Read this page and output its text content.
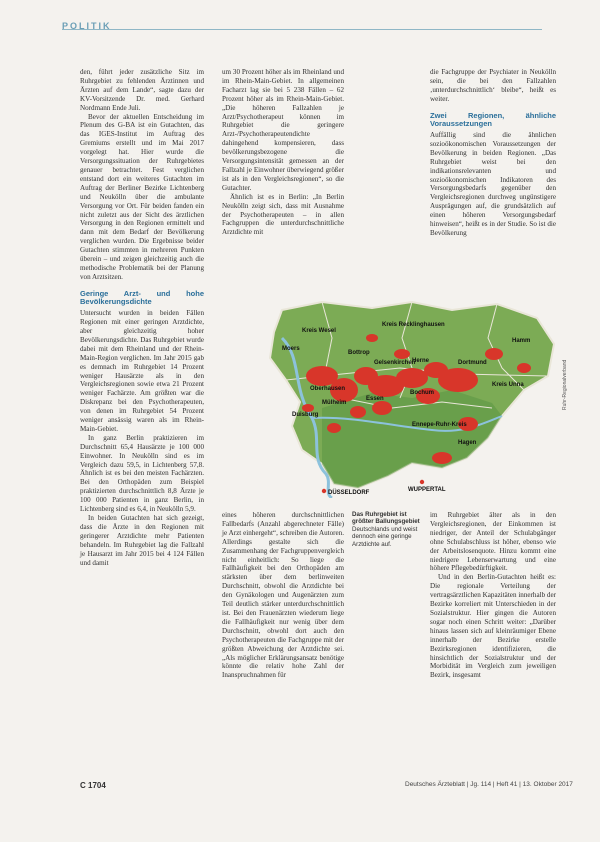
POLITIK

den, führt jeder zusätzliche Sitz im Ruhrgebiet zu fehlenden Ärztinnen und Ärzten auf dem Lande“, sagte dazu der KV-Vorsitzende Dr. med. Gerhard Nordmann Ende Juli.

Bevor der aktuellen Entscheidung im Plenum des G-BA ist ein Gutachten, das das IGES-Institut im Auftrag des Gremiums erstellt und im Mai 2017 vorgelegt hat. Hier wurde die Versorgungssituation der Ruhrgebietes genauer betrachtet. Fest verglichen entstand dort ein weiteres Gutachten im Auftrag der Berliner Bezirke Lichtenberg und Neukölln über die ambulante Versorgung vor Ort. Für beiden fanden ein nicht zuletzt aus der Sicht des ärztlichen Versorgung in den Regionen ermittelt und dann mit dem Bedarf der Bevölkerung verglichen wurden. Die Ergebnisse beider Gutachten stimmten in mehreren Punkten überein – und zeigen gleichzeitig auch die methodische Problematik bei der Planung von Arztsitzen.

Geringe Arzt- und hohe Bevölkerungsdichte

Untersucht wurden in beiden Fällen Regionen mit einer geringen Arztdichte, aber gleichzeitig hoher Bevölkerungsdichte. Das Ruhrgebiet wurde dabei mit dem Rheinland und der Rhein-Main-Region verglichen. Im Jahr 2015 gab es demnach im Ruhrgebiet 14 Prozent weniger Hausärzte als in den Vergleichsregionen sowie etwa 21 Prozent weniger Fachärzte. Am größten war die Diskrepanz bei den Psychotherapeuten, von denen im Ruhrgebiet 54 Prozent weniger ansässig waren als im Rhein-Main-Gebiet.

In ganz Berlin praktizieren im Durchschnitt 65,4 Hausärzte je 100 000 Einwohner. In Neukölln sind es im Vergleich dazu 59,5, in Lichtenberg 57,8. Ähnlich ist es bei den meisten Fachärzten. Bei den Orthopäden zum Beispiel praktizierten durchschnittlich 8,8 Ärzte je 100 000 Patienten in ganz Berlin, in Lichtenberg sind es 6,4, in Neukölln 5,9.

In beiden Gutachten hat sich gezeigt, dass die Ärzte in den Regionen mit geringerer Arztdichte mehr Patienten behandeln. Im Ruhrgebiet lag die Fallzahl je Hausarzt im Jahr 2015 bei 4 124 Fällen und damit

um 30 Prozent höher als im Rheinland und im Rhein-Main-Gebiet. In allgemeinen Facharzt lag sie bei 5 238 Fällen – 62 Prozent höher als im Rhein-Main-Gebiet. „Die höheren Fallzahlen je Arzt/Psychotherapeut können im Ruhrgebiet die geringere Arzt-/Psychotherapeutendichte dahingehend kompensieren, dass bevölkerungsbezogene die Versorgungsintensität gemessen an der Fallzahl je Einwohner überwiegend größer ist als in den Vergleichsregionen“, so die Gutachter.

Ähnlich ist es in Berlin: „In Berlin Neukölln zeigt sich, dass mit Ausnahme der Psychotherapeuten – in allen Fachgruppen die unterdurchschnittliche Arztdichte mit

die Fachgruppe der Psychiater in Neukölln sein, die bei den Fallzahlen ‚unterdurchschnittlich‘ bleibe“, heißt es weiter.

Zwei Regionen, ähnliche Voraussetzungen

Auffällig sind die ähnlichen sozioökonomischen Voraussetzungen der Bevölkerung in beiden Regionen. „Das Ruhrgebiet weist bei den indikationsrelevanten und sozioökonomischen Indikatoren des Versorgungsbedarfs gegenüber den Vergleichsregionen durchweg ungünstigere Ausprägungen auf, die grundsätzlich auf einen höheren Versorgungsbedarf hinweisen“, heißt es in der Studie. So ist die Bevölkerung

Moers
Kreis Wesel
Bottrop
Gelsenkirchen
Herne	Dortmund
Kreis Unna
Hamm
Mülheim
Essen
Bochum
Oberhausen
Ennepe-Ruhr-Kreis
Duisburg
Kreis Recklinghausen
Hagen
DÜSSELDORF	WUPPERTAL
Ruhr-Regionalverband
Das Ruhrgebiet ist größter Ballungsgebiet
Deutschlands und weist dennoch eine geringe Arztdichte auf.

eines höheren durchschnittlichen Fallbedarfs (Anzahl abgerechneter Fälle) je Arzt einhergeht“, schreiben die Autoren. Allerdings gestalte sich die Zusammenhang der Fachgruppenvergleich nicht einheitlich: So liege die Fallhäufigkeit bei den Orthopäden am stärksten über dem berlinweiten Durchschnitt, obwohl die Arztdichte bei den Gynäkologen und Augenärzten zum Teil deutlich stärker unterdurchschnittlich ist. Bei den Frauenärzten wiederum liege die Fallhäufigkeit nur wenig über dem Durchschnitt, obwohl dort auch den Psychotherapeuten die Fachgruppe mit der größten Abweichung der Arztdichte sei. „Als möglicher Erklärungsansatz benötige könnte die relativ hohe Zahl der Inanspruchnahmen für

im Ruhrgebiet älter als in den Vergleichsregionen, der Einkommen ist niedriger, der Anteil der Schulabgänger ohne Schulabschluss ist höher, ebenso wie der Arbeitslosenquote. Hinzu kommt eine niedrigere Lebenserwartung und eine höhere Pflegebedürftigkeit.

Und in den Berlin-Gutachten heißt es: Die regionale Verteilung der vertragsärztlichen Kapazitäten innerhalb der Bezirke korreliert mit Unterschieden in der Sozialstruktur. Hier gingen die Autoren sogar noch einen Schritt weiter: „Darüber hinaus lassen sich auf kleinräumiger Ebene innerhalb der Bezirke erstelle Bezirksregionen identifizieren, die hinsichtlich der Sozialstruktur und der Morbidität im Vergleich zum jeweiligen Bezirk, insgesamt

C 1704	Deutsches Ärzteblatt | Jg. 114 | Heft 41 | 13. Oktober 2017
